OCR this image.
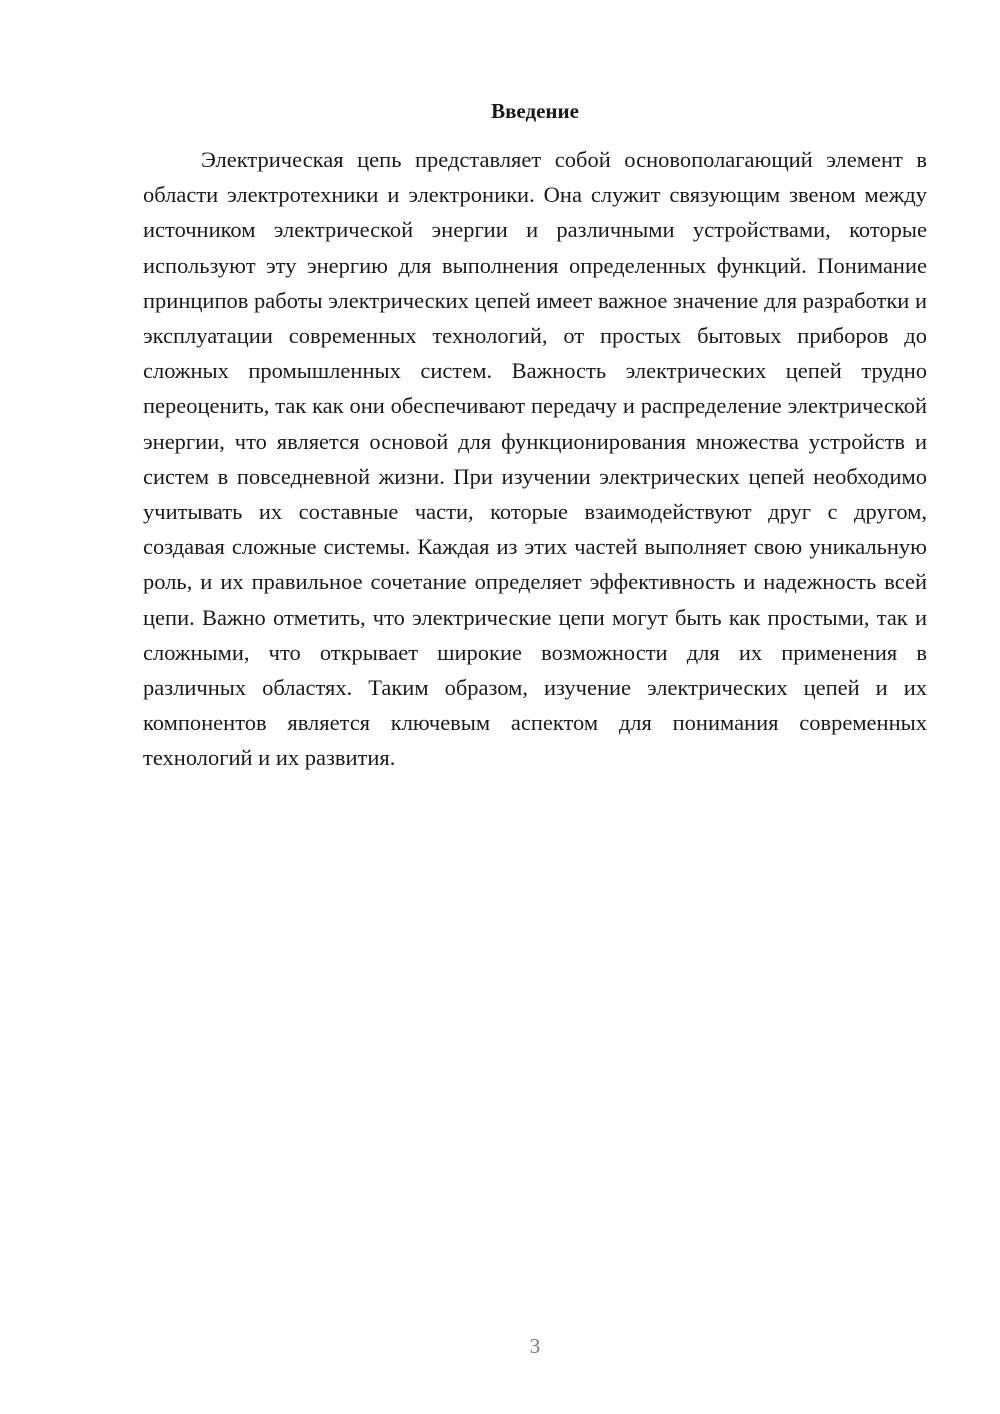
Введение

Электрическая цепь представляет собой основополагающий элемент в области электротехники и электроники. Она служит связующим звеном между источником электрической энергии и различными устройствами, которые используют эту энергию для выполнения определенных функций. Понимание принципов работы электрических цепей имеет важное значение для разработки и эксплуатации современных технологий, от простых бытовых приборов до сложных промышленных систем. Важность электрических цепей трудно переоценить, так как они обеспечивают передачу и распределение электрической энергии, что является основой для функционирования множества устройств и систем в повседневной жизни. При изучении электрических цепей необходимо учитывать их составные части, которые взаимодействуют друг с другом, создавая сложные системы. Каждая из этих частей выполняет свою уникальную роль, и их правильное сочетание определяет эффективность и надежность всей цепи. Важно отметить, что электрические цепи могут быть как простыми, так и сложными, что открывает широкие возможности для их применения в различных областях. Таким образом, изучение электрических цепей и их компонентов является ключевым аспектом для понимания современных технологий и их развития.

3
